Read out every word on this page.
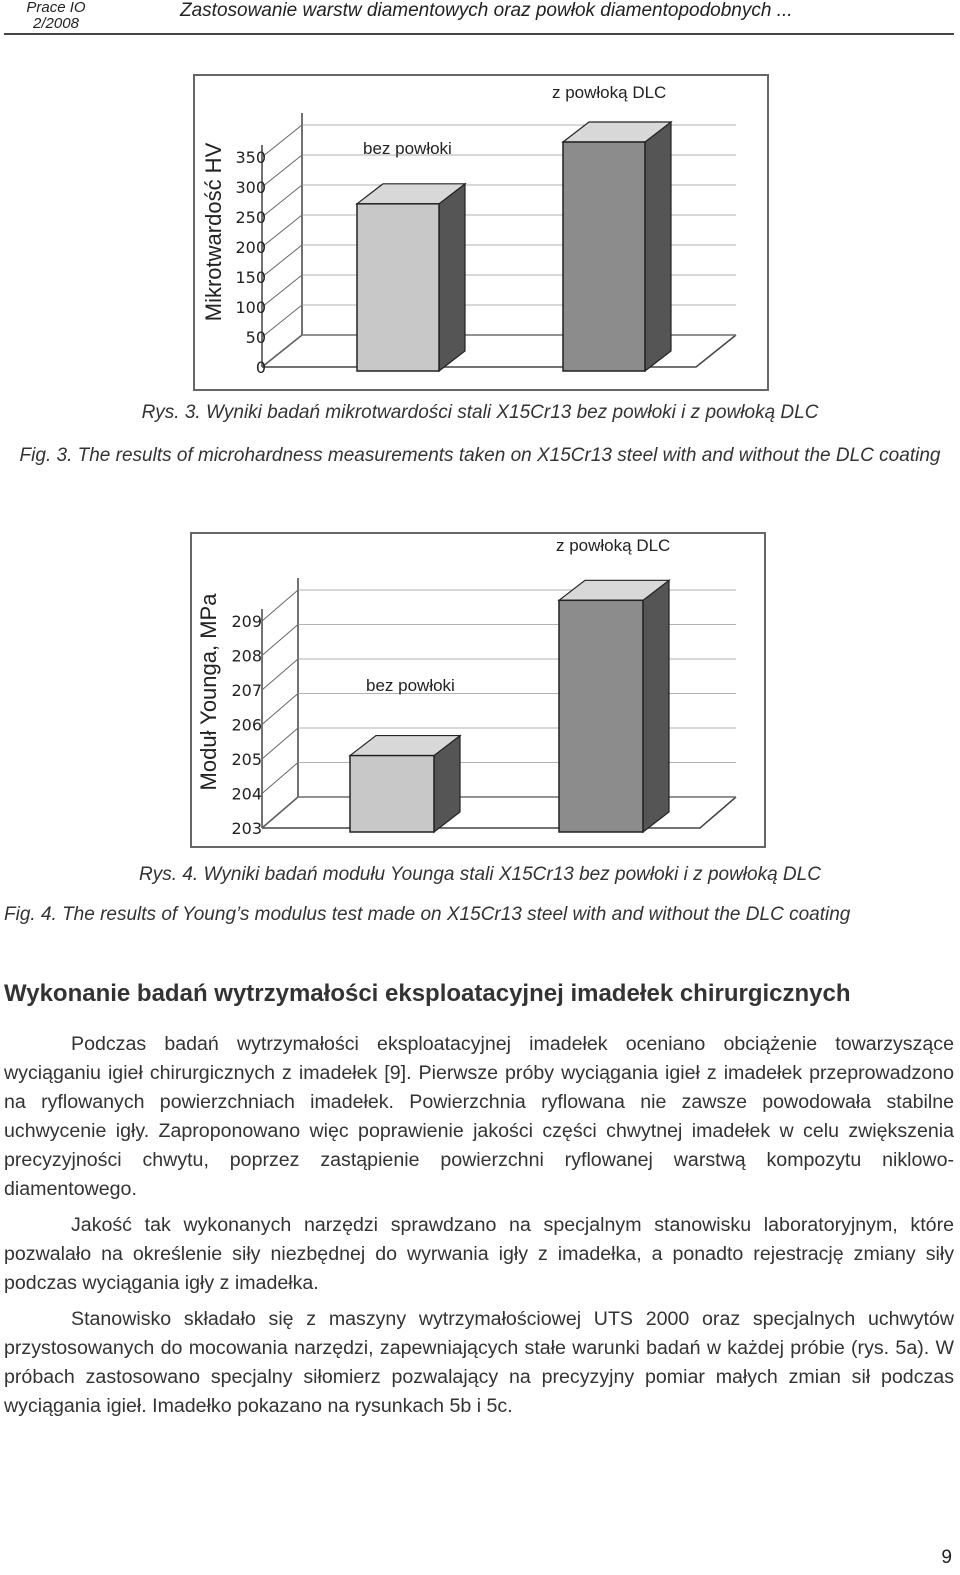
Prace IO
2/2008
Zastosowanie warstw diamentowych oraz powłok diamentopodobnych ...
0
50
100
150
200
250
300
350
Mikrotwardość HV	bez powłoki
z powłoką DLC
Rys. 3. Wyniki badań mikrotwardości stali X15Cr13 bez powłoki i z powłoką DLC
Fig. 3. The results of microhardness measurements taken on X15Cr13 steel with and without the DLC coating
203
204
205
206
207
208
209
Moduł Younga, MPa	bez powłoki
z powłoką DLC
Rys. 4. Wyniki badań modułu Younga stali X15Cr13 bez powłoki i z powłoką DLC
Fig. 4. The results of Young’s modulus test made on X15Cr13 steel with and without the DLC coating
Wykonanie badań wytrzymałości eksploatacyjnej imadełek chirurgicznych

Podczas badań wytrzymałości eksploatacyjnej imadełek oceniano obciążenie towarzyszące wyciąganiu igieł chirurgicznych z imadełek [9]. Pierwsze próby wyciągania igieł z imadełek przeprowadzono na ryflowanych powierzchniach imadełek. Powierzchnia ryflowana nie zawsze powodowała stabilne uchwycenie igły. Zaproponowano więc poprawienie jakości części chwytnej imadełek w celu zwiększenia precyzyjności chwytu, poprzez zastąpienie powierzchni ryflowanej warstwą kompozytu niklowo-diamentowego.

Jakość tak wykonanych narzędzi sprawdzano na specjalnym stanowisku laboratoryjnym, które pozwalało na określenie siły niezbędnej do wyrwania igły z imadełka, a ponadto rejestrację zmiany siły podczas wyciągania igły z imadełka.

Stanowisko składało się z maszyny wytrzymałościowej UTS 2000 oraz specjalnych uchwytów przystosowanych do mocowania narzędzi, zapewniających stałe warunki badań w każdej próbie (rys. 5a). W próbach zastosowano specjalny siłomierz pozwalający na precyzyjny pomiar małych zmian sił podczas wyciągania igieł. Imadełko pokazano na rysunkach 5b i 5c.

9
